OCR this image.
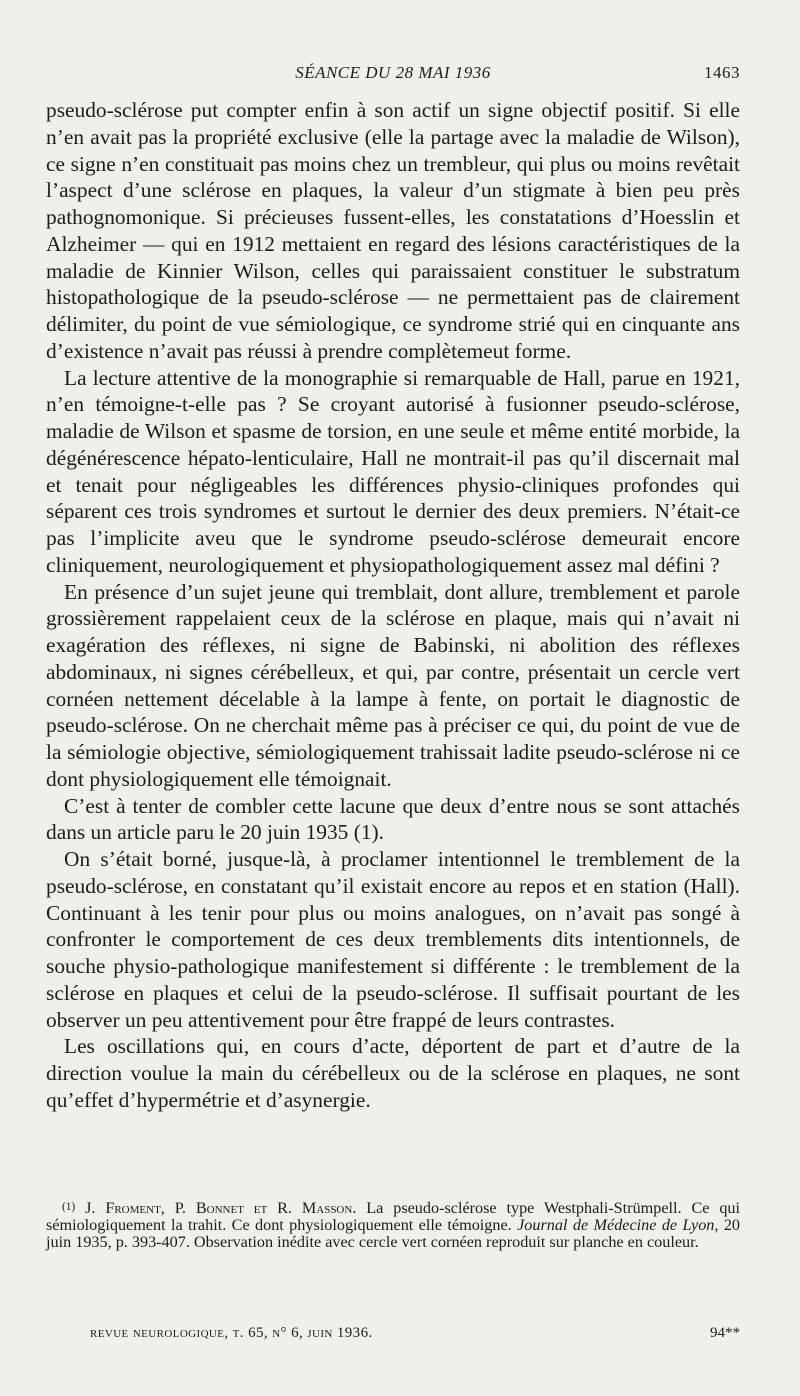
SÉANCE DU 28 MAI 1936	1463

pseudo-sclérose put compter enfin à son actif un signe objectif positif. Si elle n’en avait pas la propriété exclusive (elle la partage avec la maladie de Wilson), ce signe n’en constituait pas moins chez un trembleur, qui plus ou moins revêtait l’aspect d’une sclérose en plaques, la valeur d’un stigmate à bien peu près pathognomonique. Si précieuses fussent-elles, les constatations d’Hoesslin et Alzheimer — qui en 1912 mettaient en regard des lésions caractéristiques de la maladie de Kinnier Wilson, celles qui paraissaient constituer le substratum histopathologique de la pseudo-sclérose — ne permettaient pas de clairement délimiter, du point de vue sémiologique, ce syndrome strié qui en cinquante ans d’existence n’avait pas réussi à prendre complètemeut forme.

La lecture attentive de la monographie si remarquable de Hall, parue en 1921, n’en témoigne-t-elle pas ? Se croyant autorisé à fusionner pseudo-sclérose, maladie de Wilson et spasme de torsion, en une seule et même entité morbide, la dégénérescence hépato-lenticulaire, Hall ne montrait-il pas qu’il discernait mal et tenait pour négligeables les différences physio-cliniques profondes qui séparent ces trois syndromes et surtout le dernier des deux premiers. N’était-ce pas l’implicite aveu que le syndrome pseudo-sclérose demeurait encore cliniquement, neurologiquement et physiopathologiquement assez mal défini ?

En présence d’un sujet jeune qui tremblait, dont allure, tremblement et parole grossièrement rappelaient ceux de la sclérose en plaque, mais qui n’avait ni exagération des réflexes, ni signe de Babinski, ni abolition des réflexes abdominaux, ni signes cérébelleux, et qui, par contre, présentait un cercle vert cornéen nettement décelable à la lampe à fente, on portait le diagnostic de pseudo-sclérose. On ne cherchait même pas à préciser ce qui, du point de vue de la sémiologie objective, sémiologiquement trahissait ladite pseudo-sclérose ni ce dont physiologiquement elle témoignait.

C’est à tenter de combler cette lacune que deux d’entre nous se sont attachés dans un article paru le 20 juin 1935 (1).

On s’était borné, jusque-là, à proclamer intentionnel le tremblement de la pseudo-sclérose, en constatant qu’il existait encore au repos et en station (Hall). Continuant à les tenir pour plus ou moins analogues, on n’avait pas songé à confronter le comportement de ces deux tremblements dits intentionnels, de souche physio-pathologique manifestement si différente : le tremblement de la sclérose en plaques et celui de la pseudo-sclérose. Il suffisait pourtant de les observer un peu attentivement pour être frappé de leurs contrastes.

Les oscillations qui, en cours d’acte, déportent de part et d’autre de la direction voulue la main du cérébelleux ou de la sclérose en plaques, ne sont qu’effet d’hypermétrie et d’asynergie.

$^{(1)}$ J. Froment, P. Bonnet et R. Masson. La pseudo-sclérose type Westphali-Strümpell. Ce qui sémiologiquement la trahit. Ce dont physiologiquement elle témoigne. Journal de Médecine de Lyon, 20 juin 1935, p. 393-407. Observation inédite avec cercle vert cornéen reproduit sur planche en couleur.
revue neurologique, t. 65, n° 6, juin 1936.	94**
